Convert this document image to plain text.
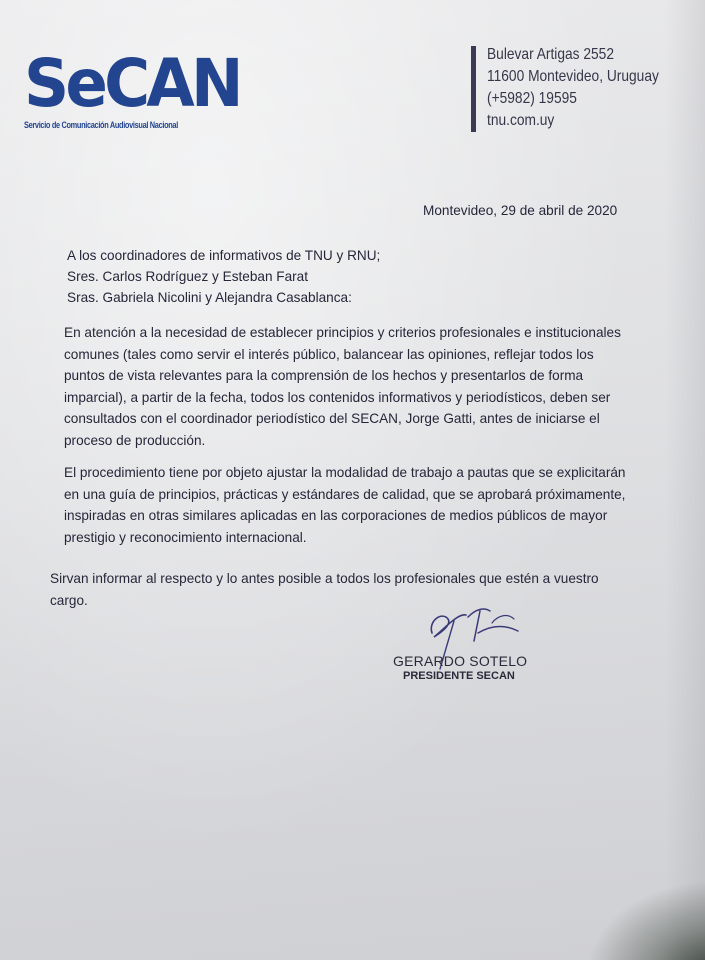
SeCAN
Servicio de Comunicación Audiovisual Nacional
Bulevar Artigas 2552
11600 Montevideo, Uruguay
(+5982) 19595
tnu.com.uy
Montevideo, 29 de abril de 2020
A los coordinadores de informativos de TNU y RNU;
Sres. Carlos Rodríguez y Esteban Farat
Sras. Gabriela Nicolini y Alejandra Casablanca:
En atención a la necesidad de establecer principios y criterios profesionales e institucionales
comunes (tales como servir el interés público, balancear las opiniones, reflejar todos los
puntos de vista relevantes para la comprensión de los hechos y presentarlos de forma
imparcial), a partir de la fecha, todos los contenidos informativos y periodísticos, deben ser
consultados con el coordinador periodístico del SECAN, Jorge Gatti, antes de iniciarse el
proceso de producción.
El procedimiento tiene por objeto ajustar la modalidad de trabajo a pautas que se explicitarán
en una guía de principios, prácticas y estándares de calidad, que se aprobará próximamente,
inspiradas en otras similares aplicadas en las corporaciones de medios públicos de mayor
prestigio y reconocimiento internacional.
Sirvan informar al respecto y lo antes posible a todos los profesionales que estén a vuestro
cargo.
GERARDO SOTELO
PRESIDENTE SECAN
